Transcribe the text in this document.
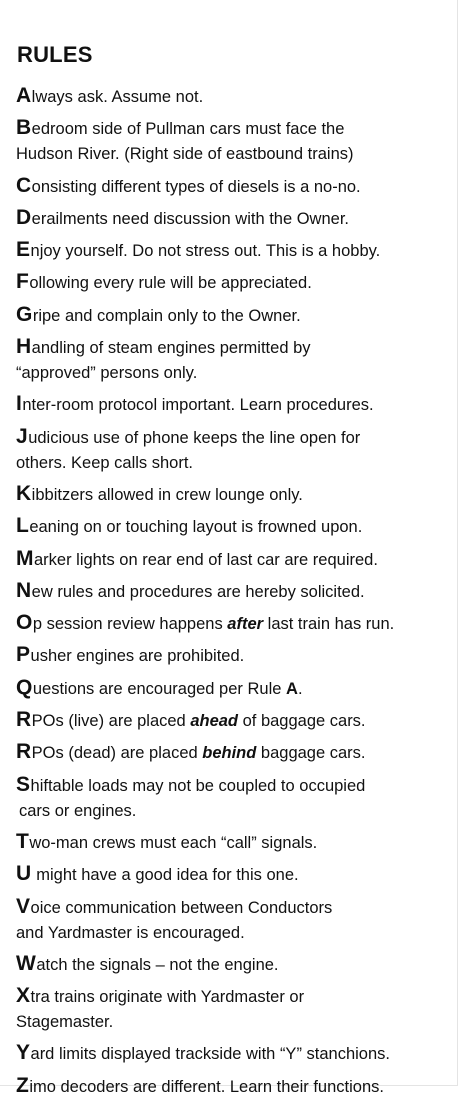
RULES
Always ask. Assume not.
Bedroom side of Pullman cars must face the
Hudson River. (Right side of eastbound trains)
Consisting different types of diesels is a no-no.
Derailments need discussion with the Owner.
Enjoy yourself. Do not stress out. This is a hobby.
Following every rule will be appreciated.
Gripe and complain only to the Owner.
Handling of steam engines permitted by
“approved” persons only.
Inter-room protocol important. Learn procedures.
Judicious use of phone keeps the line open for
others. Keep calls short.
Kibbitzers allowed in crew lounge only.
Leaning on or touching layout is frowned upon.
Marker lights on rear end of last car are required.
New rules and procedures are hereby solicited.
Op session review happens after last train has run.
Pusher engines are prohibited.
Questions are encouraged per Rule A.
RPOs (live) are placed ahead of baggage cars.
RPOs (dead) are placed behind baggage cars.
Shiftable loads may not be coupled to occupied
cars or engines.
Two-man crews must each “call” signals.
U might have a good idea for this one.
Voice communication between Conductors
and Yardmaster is encouraged.
Watch the signals – not the engine.
Xtra trains originate with Yardmaster or
Stagemaster.
Yard limits displayed trackside with “Y” stanchions.
Zimo decoders are different. Learn their functions.
